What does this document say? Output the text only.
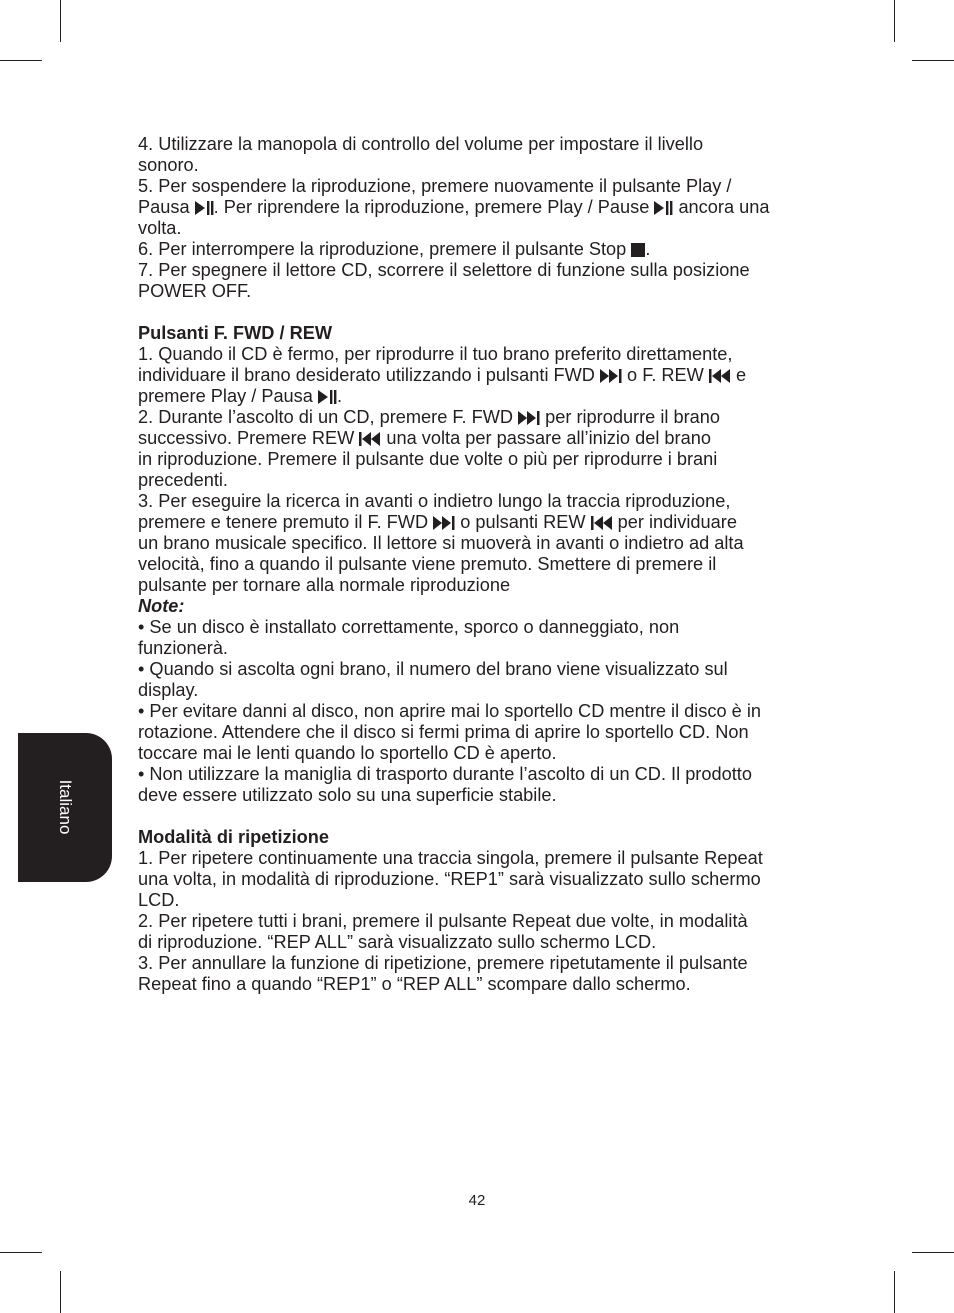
4. Utilizzare la manopola di controllo del volume per impostare il livello

sonoro.

5. Per sospendere la riproduzione, premere nuovamente il pulsante Play /

Pausa
. Per riprendere la riproduzione, premere Play / Pause
ancora una

volta.

6. Per interrompere la riproduzione, premere il pulsante Stop
.

7. Per spegnere il lettore CD, scorrere il selettore di funzione sulla posizione

POWER OFF.

Pulsanti F. FWD / REW

1. Quando il CD è fermo, per riprodurre il tuo brano preferito direttamente,

individuare il brano desiderato utilizzando i pulsanti FWD
o F. REW
e

premere Play / Pausa
.

2. Durante l’ascolto di un CD, premere F. FWD
per riprodurre il brano

successivo. Premere REW
una volta per passare all’inizio del brano

in riproduzione. Premere il pulsante due volte o più per riprodurre i brani

precedenti.

3. Per eseguire la ricerca in avanti o indietro lungo la traccia riproduzione,

premere e tenere premuto il F. FWD
o pulsanti REW
per individuare

un brano musicale specifico. Il lettore si muoverà in avanti o indietro ad alta

velocità, fino a quando il pulsante viene premuto. Smettere di premere il

pulsante per tornare alla normale riproduzione

Note:

• Se un disco è installato correttamente, sporco o danneggiato, non

funzionerà.

• Quando si ascolta ogni brano, il numero del brano viene visualizzato sul

display.

• Per evitare danni al disco, non aprire mai lo sportello CD mentre il disco è in

rotazione. Attendere che il disco si fermi prima di aprire lo sportello CD. Non

toccare mai le lenti quando lo sportello CD è aperto.

• Non utilizzare la maniglia di trasporto durante l’ascolto di un CD. Il prodotto

deve essere utilizzato solo su una superficie stabile.

Modalità di ripetizione

1. Per ripetere continuamente una traccia singola, premere il pulsante Repeat

una volta, in modalità di riproduzione. “REP1” sarà visualizzato sullo schermo

LCD.

2. Per ripetere tutti i brani, premere il pulsante Repeat due volte, in modalità

di riproduzione. “REP ALL” sarà visualizzato sullo schermo LCD.

3. Per annullare la funzione di ripetizione, premere ripetutamente il pulsante

Repeat fino a quando “REP1” o “REP ALL” scompare dallo schermo.

Italiano
42
